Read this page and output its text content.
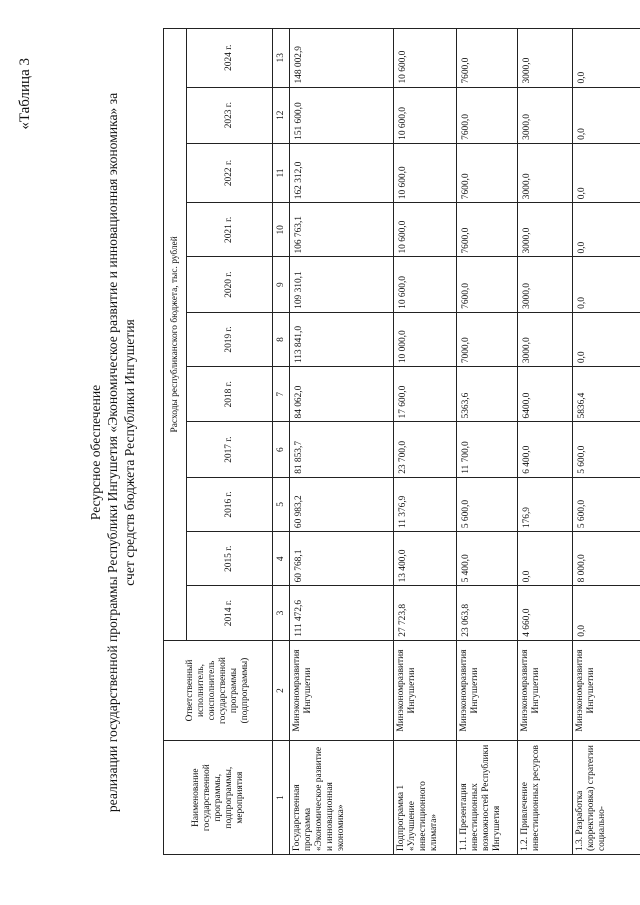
«Таблица 3
Ресурсное обеспечение реализации государственной программы Республики Ингушетия «Экономическое развитие и инновационная экономика» за счет средств бюджета Республики Ингушетия
Наименование государственной программы, подпрограммы, мероприятия	Ответственный исполнитель, соисполнитель государственной программы (подпрограммы)	Расходы республиканского бюджета, тыс. рублей										
		2014 г.	2015 г.	2016 г.	2017 г.	2018 г.	2019 г.	2020 г.	2021 г.	2022 г.	2023 г.	2024 г.
1	2	3	4	5	6	7	8	9	10	11	12	13
Государственная программа «Экономическое развитие и инновационная экономика»	Минэкономразвития Ингушетии	111 472,6	60 768,1	60 983,2	81 853,7	84 062,0	113 841,0	109 310,1	106 763,1	162 312,0	151 600,0	148 002,9
Подпрограмма 1 «Улучшение инвестиционного климата»	Минэкономразвития Ингушетии	27 723,8	13 400,0	11 376,9	23 700,0	17 600,0	10 000,0	10 600,0	10 600,0	10 600,0	10 600,0	10 600,0
1.1. Презентация инвестиционных возможностей Республики Ингушетия	Минэкономразвития Ингушетии	23 063,8	5 400,0	5 600,0	11 700,0	5363,6	7000,0	7600,0	7600,0	7600,0	7600,0	7600,0
1.2. Привлечение инвестиционных ресурсов	Минэкономразвития Ингушетии	4 660,0	0,0	176,9	6 400,0	6400,0	3000,0	3000,0	3000,0	3000,0	3000,0	3000,0
1.3. Разработка (корректировка) стратегии социально-	Минэкономразвития Ингушетии	0,0	8 000,0	5 600,0	5 600,0	5836,4	0,0	0,0	0,0	0,0	0,0	0,0
